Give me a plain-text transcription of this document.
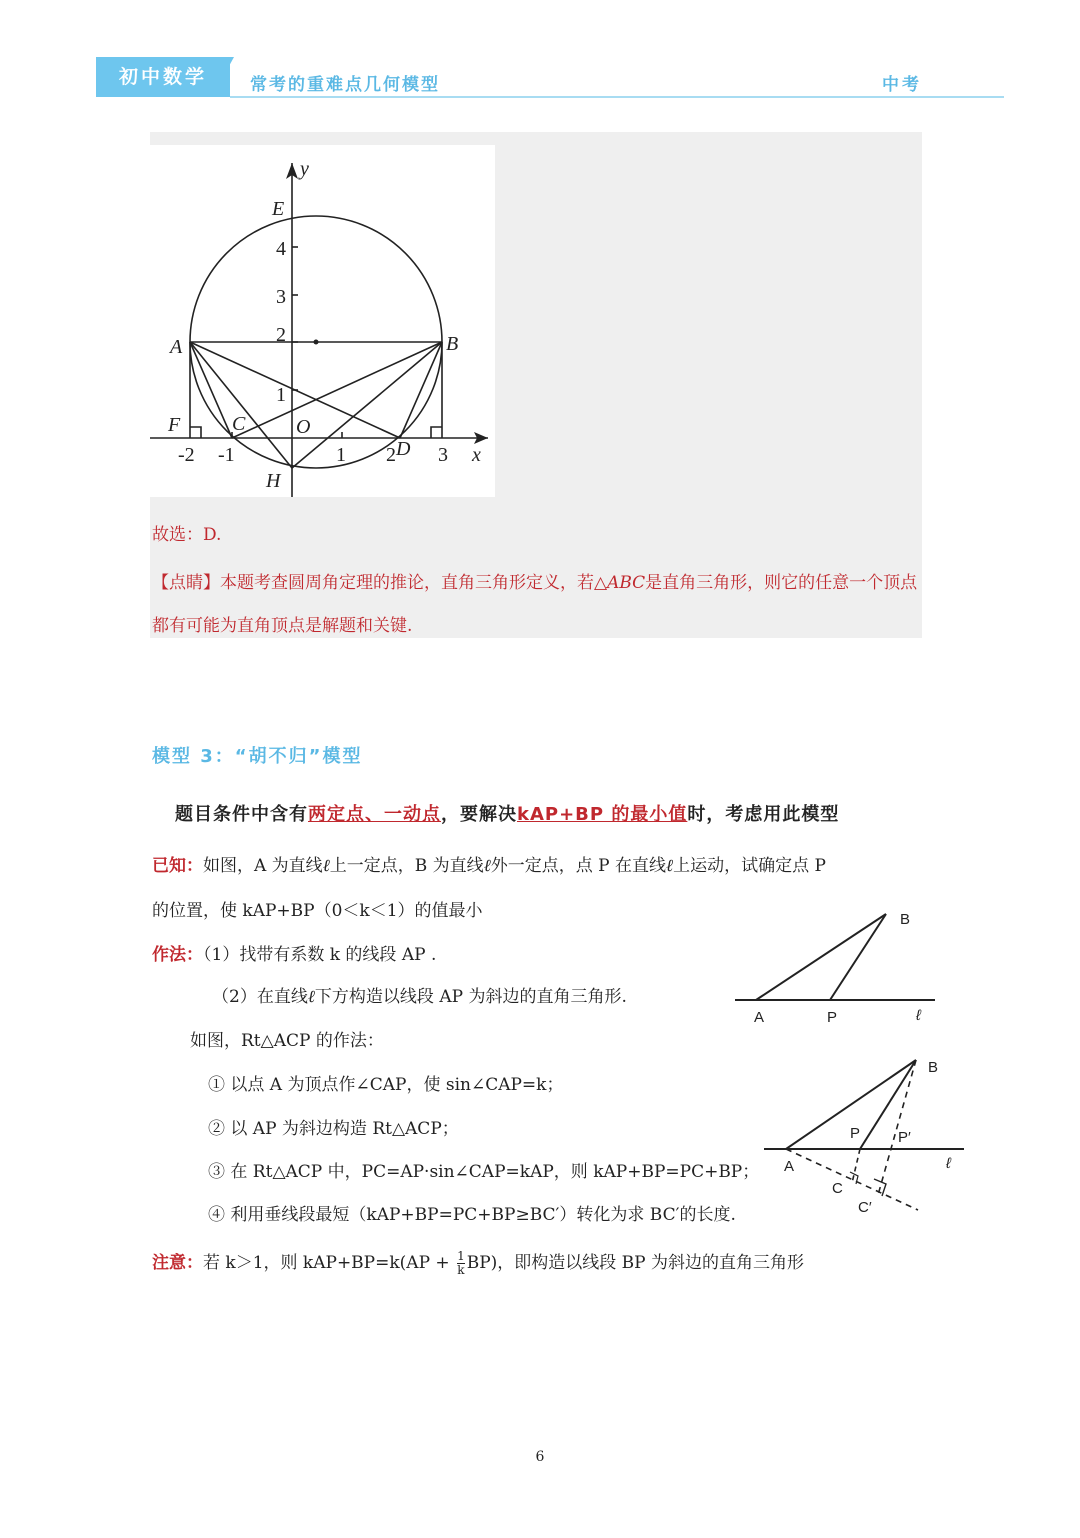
初中数学	常考的重难点几何模型	中考
y
x
E
A	B
F	C	O
D
H
-2 -1	1 2 3
1
2
3
4
故选：D.
【点睛】本题考查圆周角定理的推论，直角三角形定义，若△ABC是直角三角形，则它的任意一个顶点都有可能为直角顶点是解题和关键.
模型 3：“胡不归”模型
题目条件中含有两定点、一动点，要解决kAP+BP 的最小值时，考虑用此模型
已知：如图，A 为直线ℓ上一定点，B 为直线ℓ外一定点，点 P 在直线ℓ上运动，试确定点 P
的位置，使 kAP+BP（0＜k＜1）的值最小
作法：（1）找带有系数 k 的线段 AP .
（2）在直线ℓ下方构造以线段 AP 为斜边的直角三角形.
如图，Rt△ACP 的作法：
① 以点 A 为顶点作∠CAP，使 sin∠CAP=k；
② 以 AP 为斜边构造 Rt△ACP；
③ 在 Rt△ACP 中，PC=AP·sin∠CAP=kAP，则 kAP+BP=PC+BP；
④ 利用垂线段最短（kAP+BP=PC+BP≥BC′）转化为求 BC′的长度.
注意：若 k＞1，则 $kAP+BP=k(AP + \frac{1}{k} BP)$，即构造以线段 BP 为斜边的直角三角形
B
A	P	ℓ
B
P	P′
A	ℓ
C
C′
6
